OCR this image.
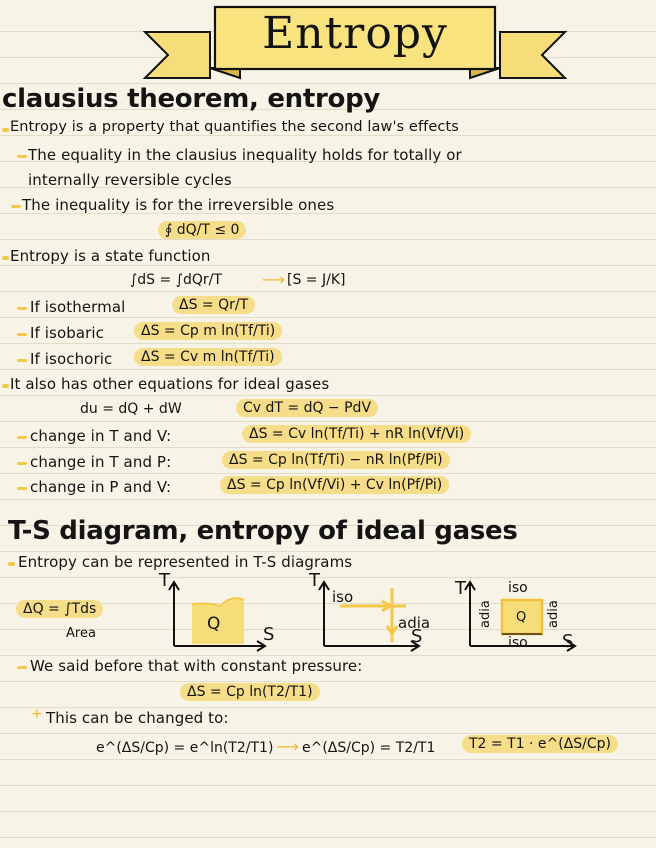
Entropy
clausius theorem, entropy
Entropy is a property that quantifies the second law's effects
The equality in the clausius inequality holds for totally or
internally reversible cycles
The inequality is for the irreversible ones
∮ dQ/T ≤ 0
Entropy is a state function
∫dS = ∫dQr/T	⟶ [S = J/K]
If isothermal	ΔS = Qr/T
If isobaric	ΔS = Cp m ln(Tf/Ti)
If isochoric	ΔS = Cv m ln(Tf/Ti)
It also has other equations for ideal gases
du = dQ + dW	Cv dT = dQ − PdV
change in T and V:	ΔS = Cv ln(Tf/Ti) + nR ln(Vf/Vi)
change in T and P:	ΔS = Cp ln(Tf/Ti) − nR ln(Pf/Pi)
change in P and V:	ΔS = Cp ln(Vf/Vi) + Cv ln(Pf/Pi)
T-S diagram, entropy of ideal gases
Entropy can be represented in T-S diagrams
ΔQ = ∫Tds
Area
T
S
Q
T
S
iso
adia
T
S
iso
iso
Q
adia	adia
We said before that with constant pressure:
ΔS = Cp ln(T2/T1)
+ This can be changed to:
e^(ΔS/Cp) = e^ln(T2/T1) ⟶ e^(ΔS/Cp) = T2/T1	T2 = T1 · e^(ΔS/Cp)
